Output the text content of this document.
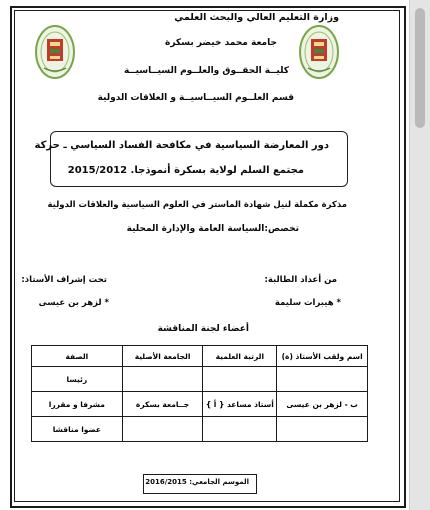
وزارة التعليم العالي والبحث العلمي
جامعة محمد خيضر بسكرة
كليــة الحقــوق والعلــوم السيــاسيــة
قسم العلــوم السيــاسيــة و العلاقات الدولية
دور المعارضة السياسية في مكافحة الفساد السياسي ـ حركة
مجتمع السلم لولاية بسكرة أنموذجا. 2015/2012
مذكرة مكملة لنيل شهادة الماستر في العلوم السياسية والعلاقات الدولية
تخصص:السياسة العامة والإدارة المحلية
من أعداد الطالبة:
تحت إشراف الأستاذ:
* هيبرات سليمة
* لزهر بن عيسى
أعضاء لجنة المناقشة
اسم ولقب الأستاذ (ة)	الرتبة العلمية	الجامعة الأصلية	الصفة
			رئيسا
ب - لزهر بن عيسى	أستاذ مساعد { أ }	جــامعة بسكرة	مشرفا و مقررا
			عضوا مناقشا
الموسم الجامعي: 2016/2015
